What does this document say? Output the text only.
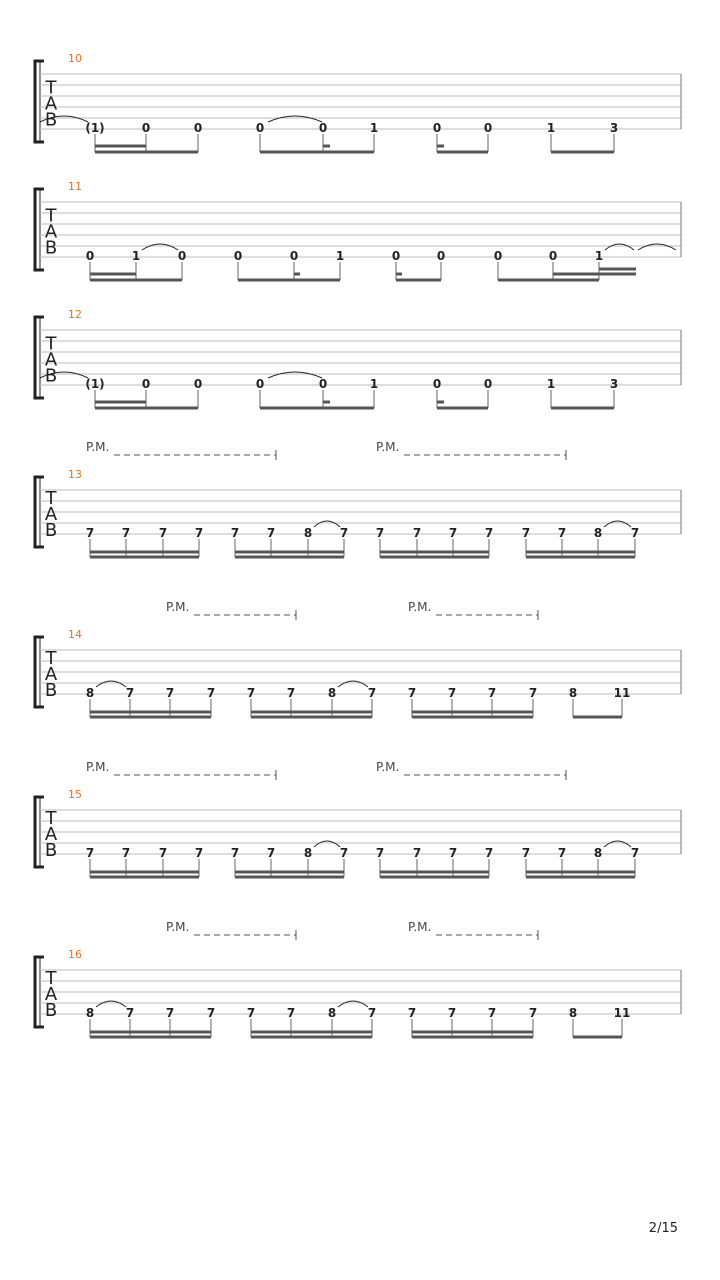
T
A
B
10
(1)	0	0	0	0	1	0	0	1	3
T
A
B
11
0	1	0	0	0	1	0	0	0	0	1
T
A
B
12
(1)	0	0	0	0	1	0	0	1	3
T
A
B
13
P.M.	P.M.
7 7 7 7 7 7 8 7 7 7 7 7 7 7 8 7
T
A
B
14
P.M.	P.M.
8	7	7	7	7	7	8	7	7	7	7	7	8	11
T
A
B
15
P.M.	P.M.
7 7 7 7 7 7 8 7 7 7 7 7 7 7 8 7
T
A
B
16
P.M.	P.M.
8	7	7	7	7	7	8	7	7	7	7	7	8	11
2/15
